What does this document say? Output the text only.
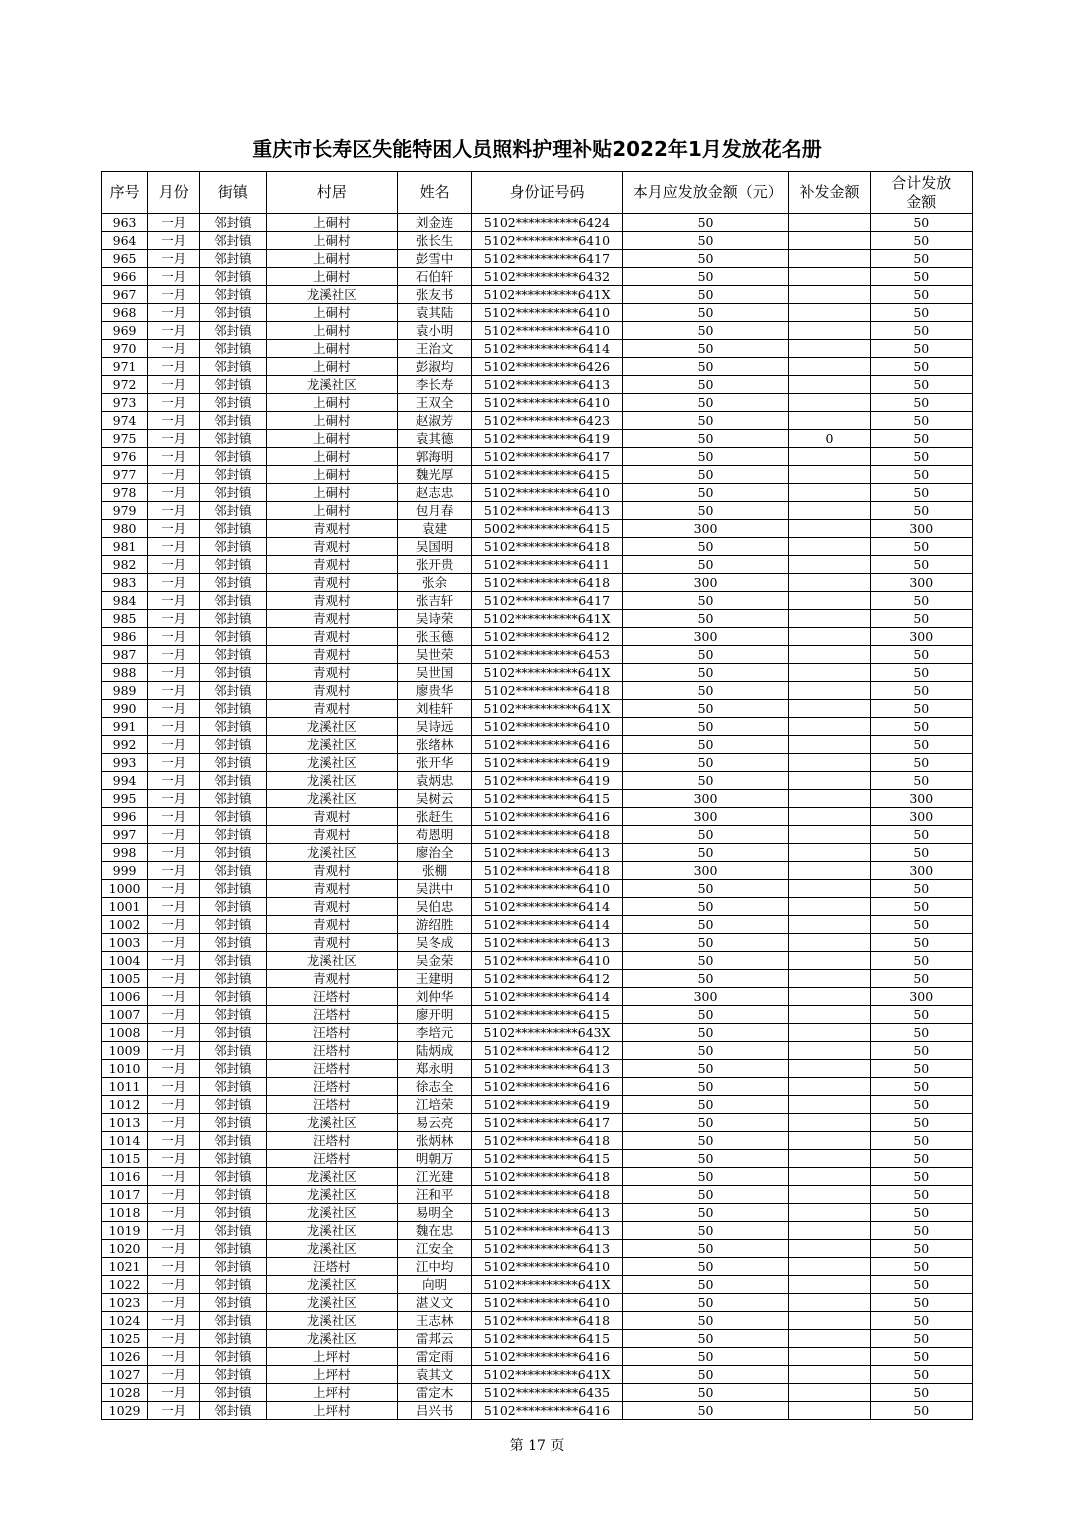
重庆市长寿区失能特困人员照料护理补贴2022年1月发放花名册
序号	月份	街镇	村居	姓名	身份证号码	本月应发放金额（元）	补发金额	合计发放金额
963	一月	邻封镇	上硐村	刘金连	5102**********6424	50		50
964	一月	邻封镇	上硐村	张长生	5102**********6410	50		50
965	一月	邻封镇	上硐村	彭雪中	5102**********6417	50		50
966	一月	邻封镇	上硐村	石伯轩	5102**********6432	50		50
967	一月	邻封镇	龙溪社区	张友书	5102**********641X	50		50
968	一月	邻封镇	上硐村	袁其陆	5102**********6410	50		50
969	一月	邻封镇	上硐村	袁小明	5102**********6410	50		50
970	一月	邻封镇	上硐村	王治文	5102**********6414	50		50
971	一月	邻封镇	上硐村	彭淑均	5102**********6426	50		50
972	一月	邻封镇	龙溪社区	李长寿	5102**********6413	50		50
973	一月	邻封镇	上硐村	王双全	5102**********6410	50		50
974	一月	邻封镇	上硐村	赵淑芳	5102**********6423	50		50
975	一月	邻封镇	上硐村	袁其德	5102**********6419	50	0	50
976	一月	邻封镇	上硐村	郭海明	5102**********6417	50		50
977	一月	邻封镇	上硐村	魏光厚	5102**********6415	50		50
978	一月	邻封镇	上硐村	赵志忠	5102**********6410	50		50
979	一月	邻封镇	上硐村	包月春	5102**********6413	50		50
980	一月	邻封镇	青观村	袁建	5002**********6415	300		300
981	一月	邻封镇	青观村	吴国明	5102**********6418	50		50
982	一月	邻封镇	青观村	张开贵	5102**********6411	50		50
983	一月	邻封镇	青观村	张余	5102**********6418	300		300
984	一月	邻封镇	青观村	张吉轩	5102**********6417	50		50
985	一月	邻封镇	青观村	吴诗荣	5102**********641X	50		50
986	一月	邻封镇	青观村	张玉德	5102**********6412	300		300
987	一月	邻封镇	青观村	吴世荣	5102**********6453	50		50
988	一月	邻封镇	青观村	吴世国	5102**********641X	50		50
989	一月	邻封镇	青观村	廖贵华	5102**********6418	50		50
990	一月	邻封镇	青观村	刘桂轩	5102**********641X	50		50
991	一月	邻封镇	龙溪社区	吴诗远	5102**********6410	50		50
992	一月	邻封镇	龙溪社区	张绪林	5102**********6416	50		50
993	一月	邻封镇	龙溪社区	张开华	5102**********6419	50		50
994	一月	邻封镇	龙溪社区	袁炳忠	5102**********6419	50		50
995	一月	邻封镇	龙溪社区	吴树云	5102**********6415	300		300
996	一月	邻封镇	青观村	张赶生	5102**********6416	300		300
997	一月	邻封镇	青观村	苟恩明	5102**********6418	50		50
998	一月	邻封镇	龙溪社区	廖治全	5102**********6413	50		50
999	一月	邻封镇	青观村	张棚	5102**********6418	300		300
1000	一月	邻封镇	青观村	吴洪中	5102**********6410	50		50
1001	一月	邻封镇	青观村	吴伯忠	5102**********6414	50		50
1002	一月	邻封镇	青观村	游绍胜	5102**********6414	50		50
1003	一月	邻封镇	青观村	吴冬成	5102**********6413	50		50
1004	一月	邻封镇	龙溪社区	吴金荣	5102**********6410	50		50
1005	一月	邻封镇	青观村	王建明	5102**********6412	50		50
1006	一月	邻封镇	汪塔村	刘仲华	5102**********6414	300		300
1007	一月	邻封镇	汪塔村	廖开明	5102**********6415	50		50
1008	一月	邻封镇	汪塔村	李培元	5102**********643X	50		50
1009	一月	邻封镇	汪塔村	陆炳成	5102**********6412	50		50
1010	一月	邻封镇	汪塔村	郑永明	5102**********6413	50		50
1011	一月	邻封镇	汪塔村	徐志全	5102**********6416	50		50
1012	一月	邻封镇	汪塔村	江培荣	5102**********6419	50		50
1013	一月	邻封镇	龙溪社区	易云亮	5102**********6417	50		50
1014	一月	邻封镇	汪塔村	张炳林	5102**********6418	50		50
1015	一月	邻封镇	汪塔村	明朝万	5102**********6415	50		50
1016	一月	邻封镇	龙溪社区	江光建	5102**********6418	50		50
1017	一月	邻封镇	龙溪社区	汪和平	5102**********6418	50		50
1018	一月	邻封镇	龙溪社区	易明全	5102**********6413	50		50
1019	一月	邻封镇	龙溪社区	魏在忠	5102**********6413	50		50
1020	一月	邻封镇	龙溪社区	江安全	5102**********6413	50		50
1021	一月	邻封镇	汪塔村	江中均	5102**********6410	50		50
1022	一月	邻封镇	龙溪社区	向明	5102**********641X	50		50
1023	一月	邻封镇	龙溪社区	湛义文	5102**********6410	50		50
1024	一月	邻封镇	龙溪社区	王志林	5102**********6418	50		50
1025	一月	邻封镇	龙溪社区	雷邦云	5102**********6415	50		50
1026	一月	邻封镇	上坪村	雷定雨	5102**********6416	50		50
1027	一月	邻封镇	上坪村	袁其文	5102**********641X	50		50
1028	一月	邻封镇	上坪村	雷定木	5102**********6435	50		50
1029	一月	邻封镇	上坪村	吕兴书	5102**********6416	50		50
第 17 页
